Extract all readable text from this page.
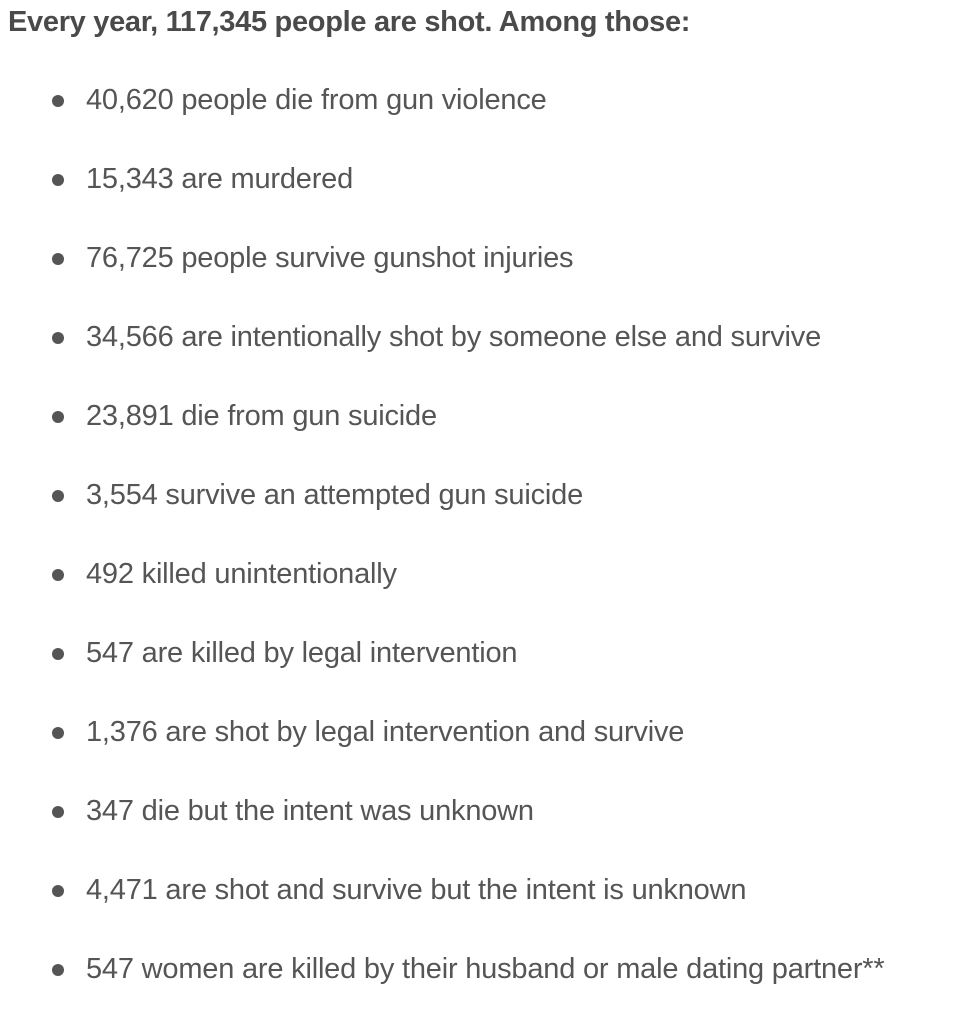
Every year, 117,345 people are shot. Among those:

40,620 people die from gun violence
15,343 are murdered
76,725 people survive gunshot injuries
34,566 are intentionally shot by someone else and survive
23,891 die from gun suicide
3,554 survive an attempted gun suicide
492 killed unintentionally
547 are killed by legal intervention
1,376 are shot by legal intervention and survive
347 die but the intent was unknown
4,471 are shot and survive but the intent is unknown
547 women are killed by their husband or male dating partner**
